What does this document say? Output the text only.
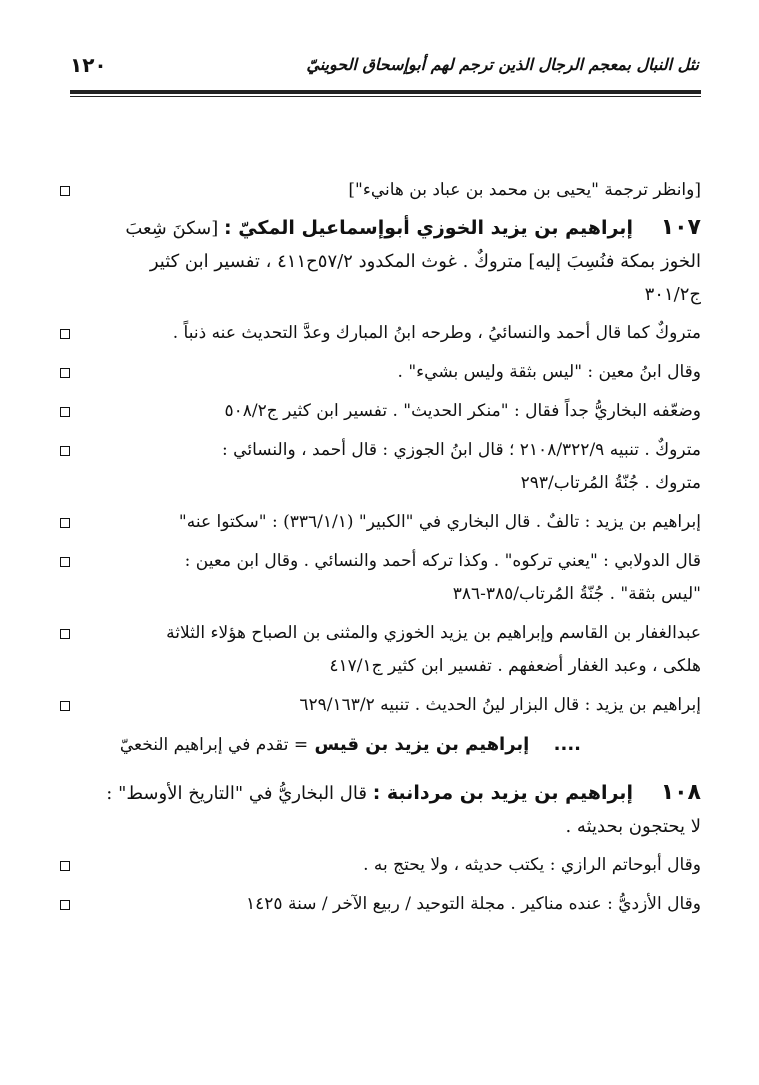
نثل النبال بمعجم الرجال الذين ترجم لهم أبوإسحاق الحوينيّ
١٢٠
[وانظر ترجمة "يحيى بن محمد بن عباد بن هانيء"]
١٠٧ إبراهيم بن يزيد الخوزي أبوإسماعيل المكيّ : [سكنَ شِعبَ
الخوز بمكة فنُسِبَ إليه] متروكٌ . غوث المكدود ٥٧/٢ح٤١١ ، تفسير ابن كثير
ج٣٠١/٢
متروكٌ كما قال أحمد والنسائيُ ، وطرحه ابنُ المبارك وعدَّ التحديث عنه ذنباً .
وقال ابنُ معين : "ليس بثقة وليس بشيء" .
وضعّفه البخاريُّ جداً فقال : "منكر الحديث" . تفسير ابن كثير ج٥٠٨/٢
متروكٌ . تنبيه ٢١٠٨/٣٢٢/٩ ؛ قال ابنُ الجوزي : قال أحمد ، والنسائي :
متروك . جُنّةُ المُرتاب/٢٩٣
إبراهيم بن يزيد : تالفٌ . قال البخاري في "الكبير" (٣٣٦/١/١) : "سكتوا عنه"
قال الدولابي : "يعني تركوه" . وكذا تركه أحمد والنسائي . وقال ابن معين :
"ليس بثقة" . جُنّةُ المُرتاب/٣٨٥-٣٨٦
عبدالغفار بن القاسم وإبراهيم بن يزيد الخوزي والمثنى بن الصباح هؤلاء الثلاثة
هلكى ، وعبد الغفار أضعفهم . تفسير ابن كثير ج٤١٧/١
إبراهيم بن يزيد : قال البزار لينُ الحديث . تنبيه ٦٢٩/١٦٣/٢
.... إبراهيم بن يزيد بن قيس = تقدم في إبراهيم النخعيّ
١٠٨ إبراهيم بن يزيد بن مردانبة : قال البخاريُّ في "التاريخ الأوسط" :
لا يحتجون بحديثه .
وقال أبوحاتم الرازي : يكتب حديثه ، ولا يحتج به .
وقال الأزديُّ : عنده مناكير . مجلة التوحيد / ربيع الآخر / سنة ١٤٢٥
